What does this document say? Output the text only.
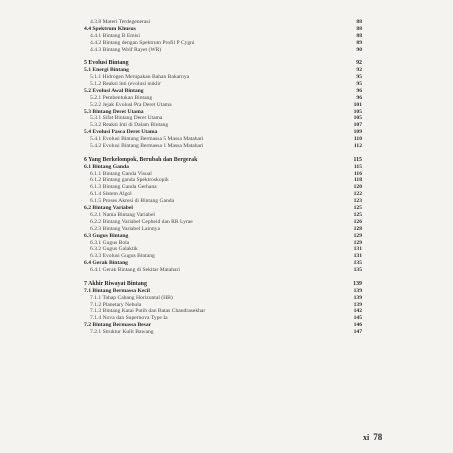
4.3.8 Materi Terdegenerasi	88
4.4 Spektrum Khusus	88
4.4.1 Bintang B Emisi	88
4.4.2 Bintang dengan Spektrum Profil P Cygni	89
4.4.3 Bintang Wolf Rayet (WR)	90
5 Evolusi Bintang	92
5.1 Energi Bintang	92
5.1.1 Hidrogen Merupakan Bahan Bakarnya	95
5.1.2 Reaksi inti (evolusi nuklir	95
5.2 Evolusi Awal Bintang	96
5.2.1 Pembentukan Bintang	96
5.2.2 Jejak Evolusi Pra Deret Utama	101
5.3 Bintang Deret Utama	105
5.3.1 Sifat Bintang Deret Utama	105
5.3.2 Reaksi Inti di Dalam Bintang	107
5.4 Evolusi Pasca Deret Utama	109
5.4.1 Evolusi Bintang Bermassa 5 Massa Matahari	110
5.4.2 Evolusi Bintang Bermassa 1 Massa Matahari	112
6 Yang Berkelompok, Berubah dan Bergerak	115
6.1 Bintang Ganda	115
6.1.1 Bintang Ganda Visual	116
6.1.2 Bintang ganda Spektroskopik	118
6.1.3 Bintang Ganda Gerhana	120
6.1.4 Sistem Algol	122
6.1.5 Proses Akresi di Bintang Ganda	123
6.2 Bintang Variabel	125
6.2.1 Nama Bintang Variabel	125
6.2.2 Bintang Variabel Cepheid dan RR Lyrae	126
6.2.3 Bintang Variabel Lainnya	128
6.3 Gugus Bintang	129
6.3.1 Gugus Bola	129
6.3.2 Gugus Galaktik	131
6.3.3 Evolusi Gugus Bintang	131
6.4 Gerak Bintang	135
6.4.1 Gerak Bintang di Sekitar Matahari	135
7 Akhir Riwayat Bintang	139
7.1 Bintang Bermassa Kecil	139
7.1.1 Tahap Cabang Horizontal (HB)	139
7.1.2 Planetary Nebula	139
7.1.3 Bintang Katai Putih dan Batas Chandrasekhar	142
7.1.4 Nova dan Supernova Type Ia	145
7.2 Bintang Bermassa Besar	146
7.2.1 Struktur Kulit Bawang	147
xi 78
